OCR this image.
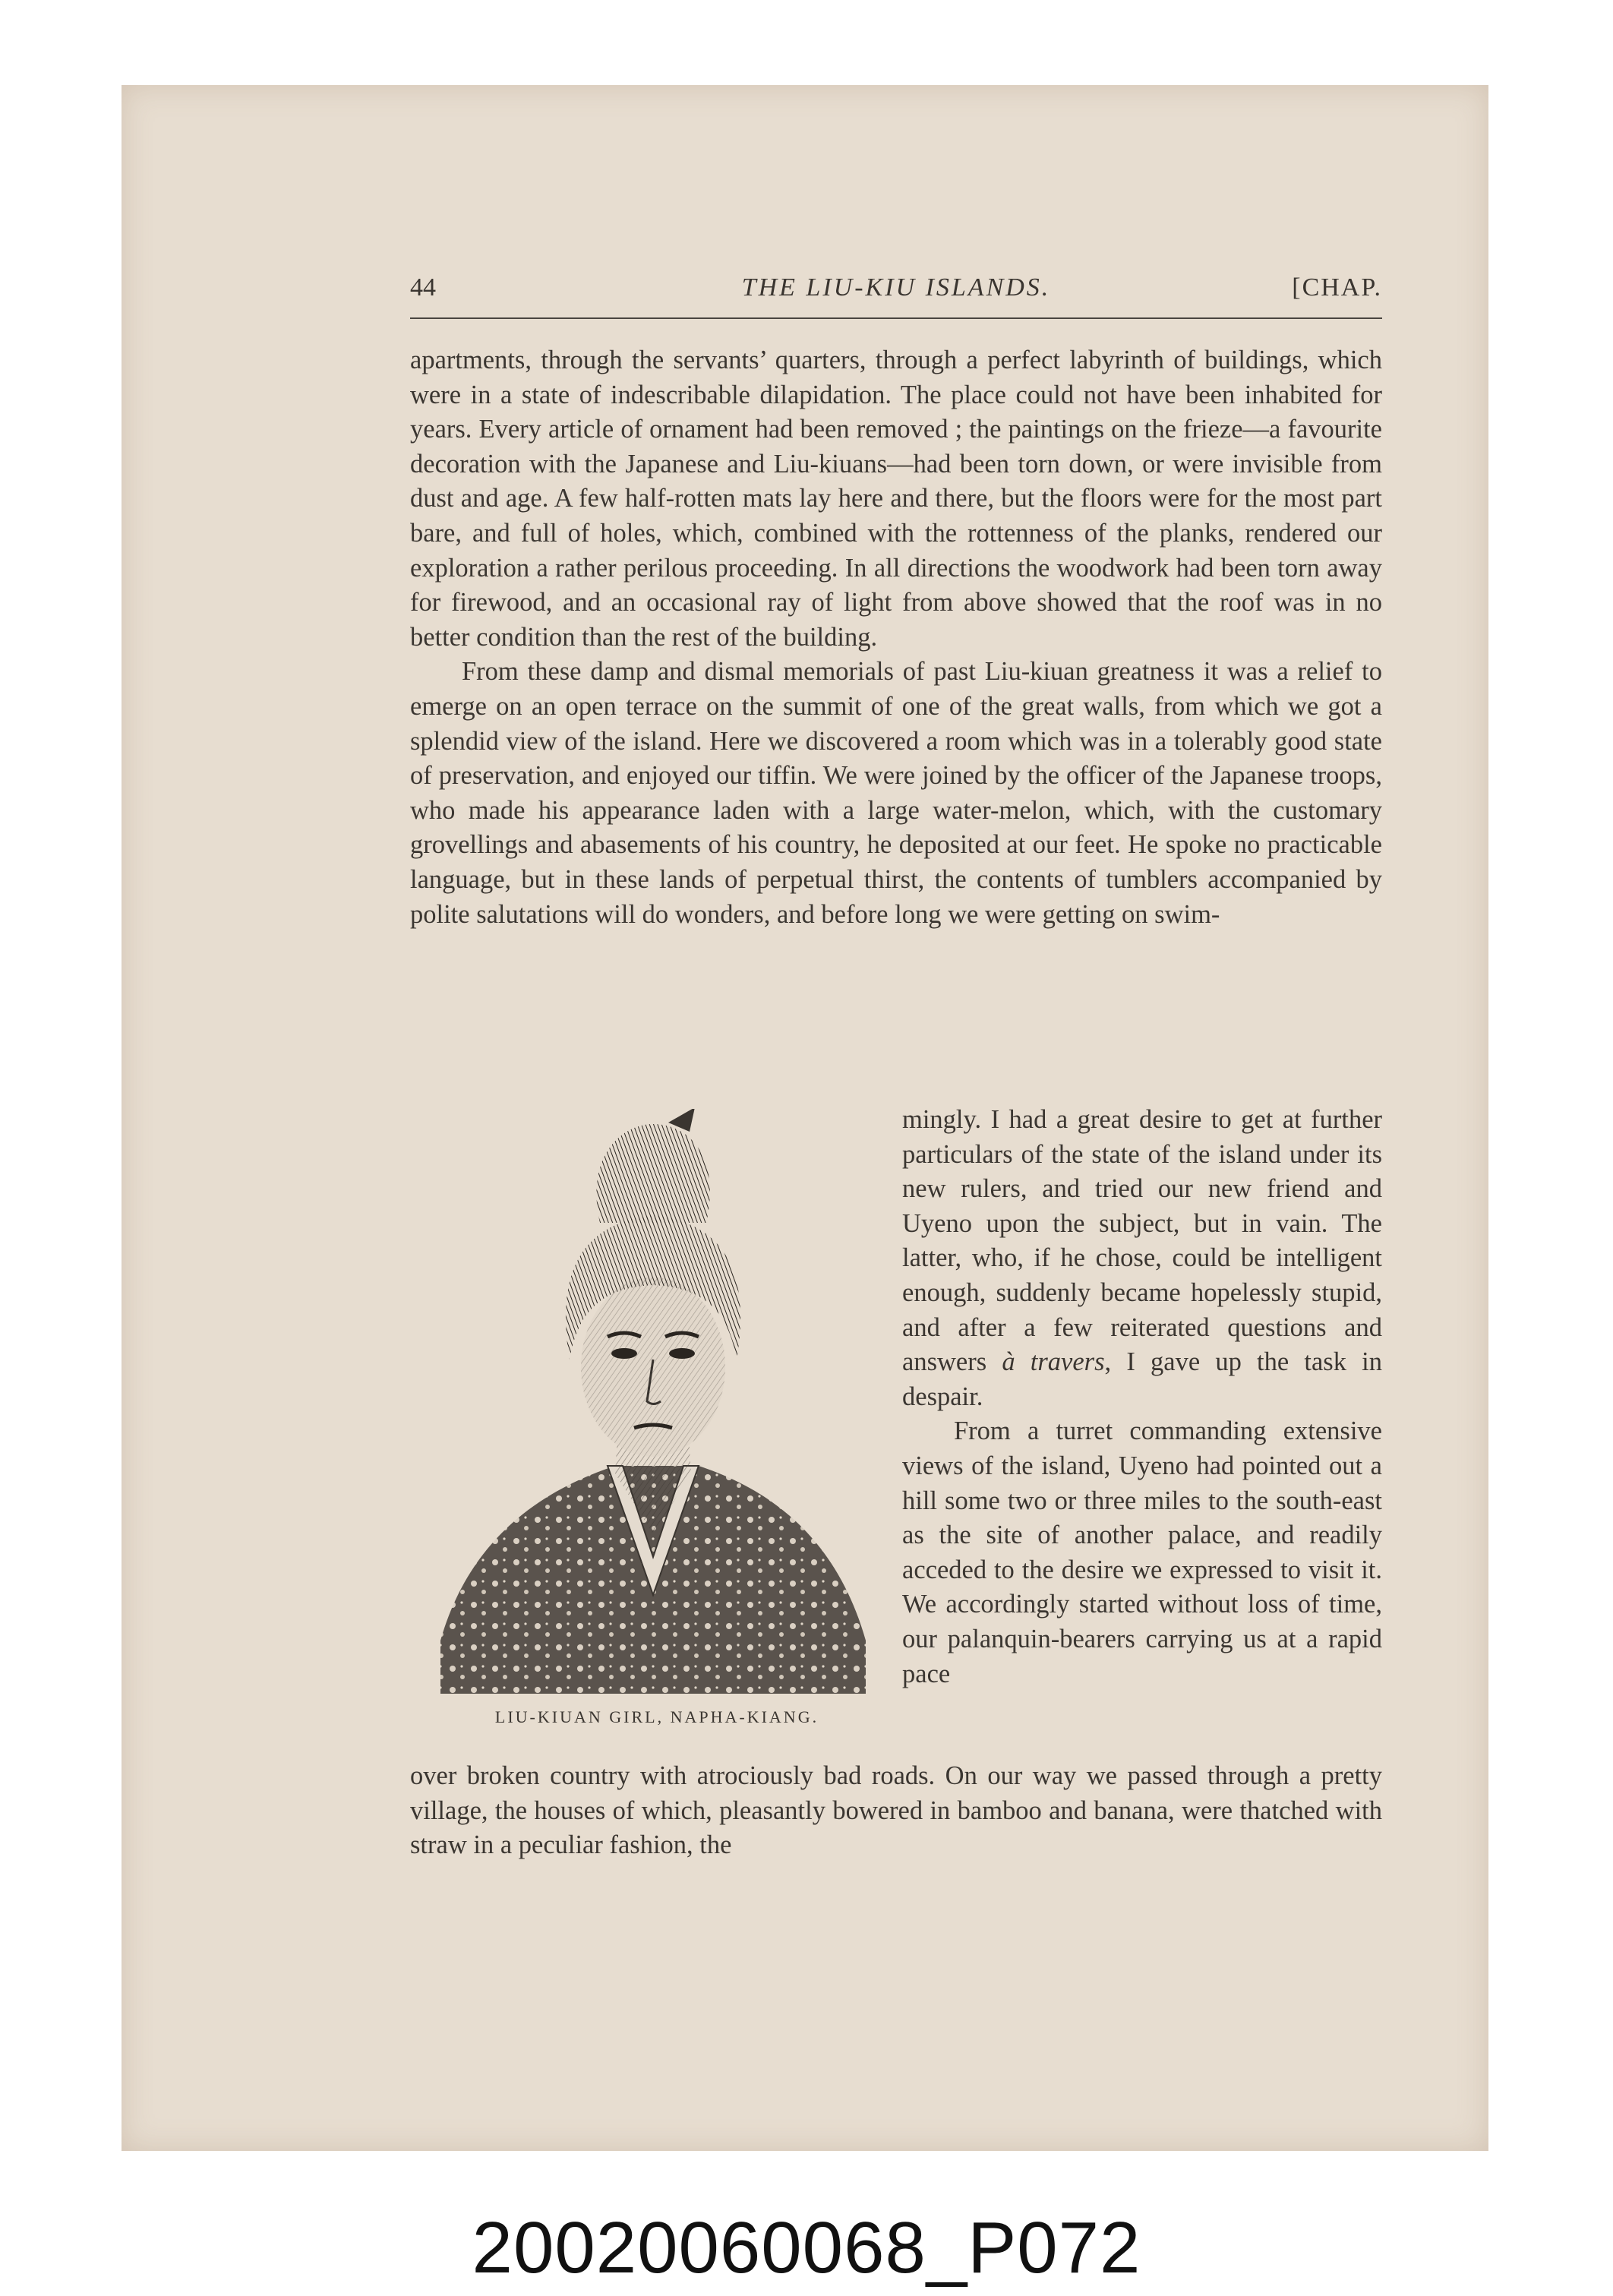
44	THE LIU-KIU ISLANDS.	[CHAP.

apartments, through the servants’ quarters, through a perfect labyrinth of buildings, which were in a state of indescribable dilapidation. The place could not have been inhabited for years. Every article of ornament had been removed ; the paintings on the frieze—a favourite decoration with the Japanese and Liu-kiuans—had been torn down, or were invisible from dust and age. A few half-rotten mats lay here and there, but the floors were for the most part bare, and full of holes, which, combined with the rottenness of the planks, rendered our exploration a rather perilous proceeding. In all directions the woodwork had been torn away for firewood, and an occasional ray of light from above showed that the roof was in no better condition than the rest of the building.

From these damp and dismal memorials of past Liu-kiuan greatness it was a relief to emerge on an open terrace on the summit of one of the great walls, from which we got a splendid view of the island. Here we discovered a room which was in a tolerably good state of preservation, and enjoyed our tiffin. We were joined by the officer of the Japanese troops, who made his appearance laden with a large water-melon, which, with the customary grovellings and abasements of his country, he deposited at our feet. He spoke no practicable language, but in these lands of perpetual thirst, the contents of tumblers accompanied by polite salutations will do wonders, and before long we were getting on swim-

LIU-KIUAN GIRL, NAPHA-KIANG.

mingly. I had a great desire to get at further particulars of the state of the island under its new rulers, and tried our new friend and Uyeno upon the subject, but in vain. The latter, who, if he chose, could be intelligent enough, suddenly became hopelessly stupid, and after a few reiterated questions and answers à travers, I gave up the task in despair.

From a turret commanding extensive views of the island, Uyeno had pointed out a hill some two or three miles to the south-east as the site of another palace, and readily acceded to the desire we expressed to visit it. We accordingly started without loss of time, our palanquin-bearers carrying us at a rapid pace

over broken country with atrociously bad roads. On our way we passed through a pretty village, the houses of which, pleasantly bowered in bamboo and banana, were thatched with straw in a peculiar fashion, the

20020060068_P072
